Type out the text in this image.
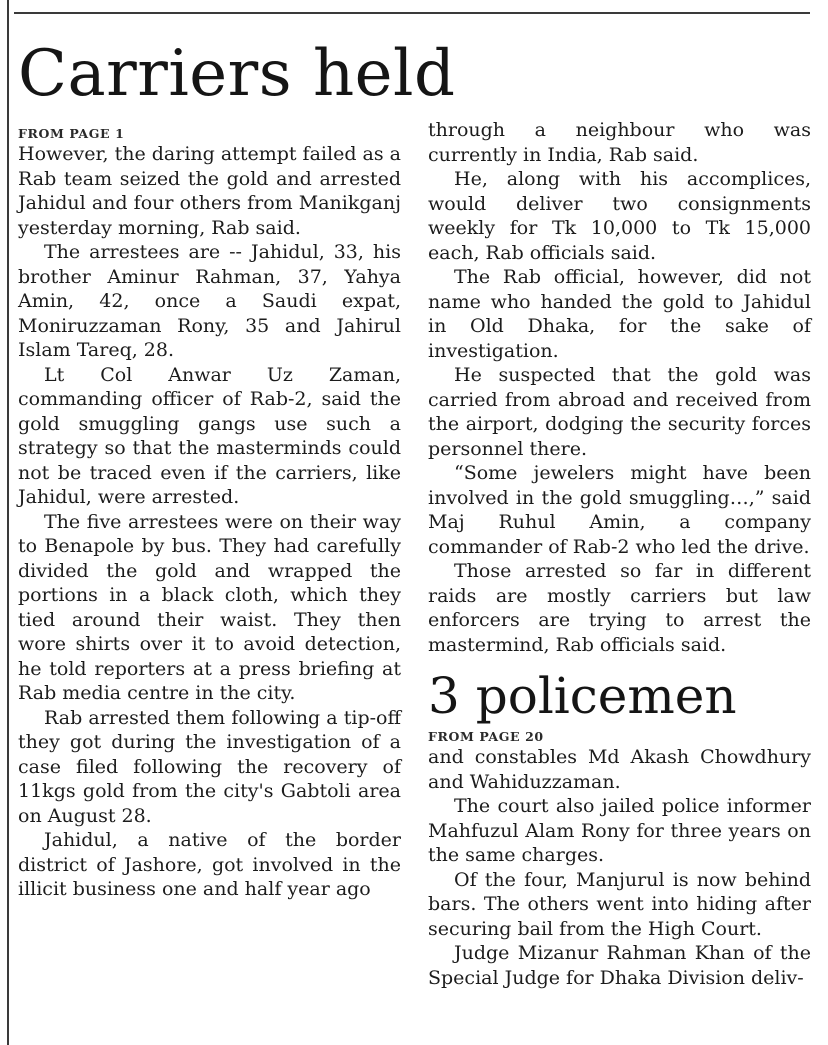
Carriers held

FROM PAGE 1

However, the daring attempt failed as a Rab team seized the gold and arrested Jahidul and four others from Manikganj yesterday morning, Rab said.

The arrestees are -- Jahidul, 33, his brother Aminur Rahman, 37, Yahya Amin, 42, once a Saudi expat, Moniruzzaman Rony, 35 and Jahirul Islam Tareq, 28.

Lt Col Anwar Uz Zaman, commanding officer of Rab-2, said the gold smuggling gangs use such a strategy so that the masterminds could not be traced even if the carriers, like Jahidul, were arrested.

The five arrestees were on their way to Benapole by bus. They had carefully divided the gold and wrapped the portions in a black cloth, which they tied around their waist. They then wore shirts over it to avoid detection, he told reporters at a press briefing at Rab media centre in the city.

Rab arrested them following a tip-off they got during the investigation of a case filed following the recovery of 11kgs gold from the city's Gabtoli area on August 28.

Jahidul, a native of the border district of Jashore, got involved in the illicit business one and half year ago

through a neighbour who was currently in India, Rab said.

He, along with his accomplices, would deliver two consignments weekly for Tk 10,000 to Tk 15,000 each, Rab officials said.

The Rab official, however, did not name who handed the gold to Jahidul in Old Dhaka, for the sake of investigation.

He suspected that the gold was carried from abroad and received from the airport, dodging the security forces personnel there.

“Some jewelers might have been involved in the gold smuggling…,” said Maj Ruhul Amin, a company commander of Rab-2 who led the drive.

Those arrested so far in different raids are mostly carriers but law enforcers are trying to arrest the mastermind, Rab officials said.

3 policemen

FROM PAGE 20

and constables Md Akash Chowdhury and Wahiduzzaman.

The court also jailed police informer Mahfuzul Alam Rony for three years on the same charges.

Of the four, Manjurul is now behind bars. The others went into hiding after securing bail from the High Court.

Judge Mizanur Rahman Khan of the Special Judge for Dhaka Division deliv-
